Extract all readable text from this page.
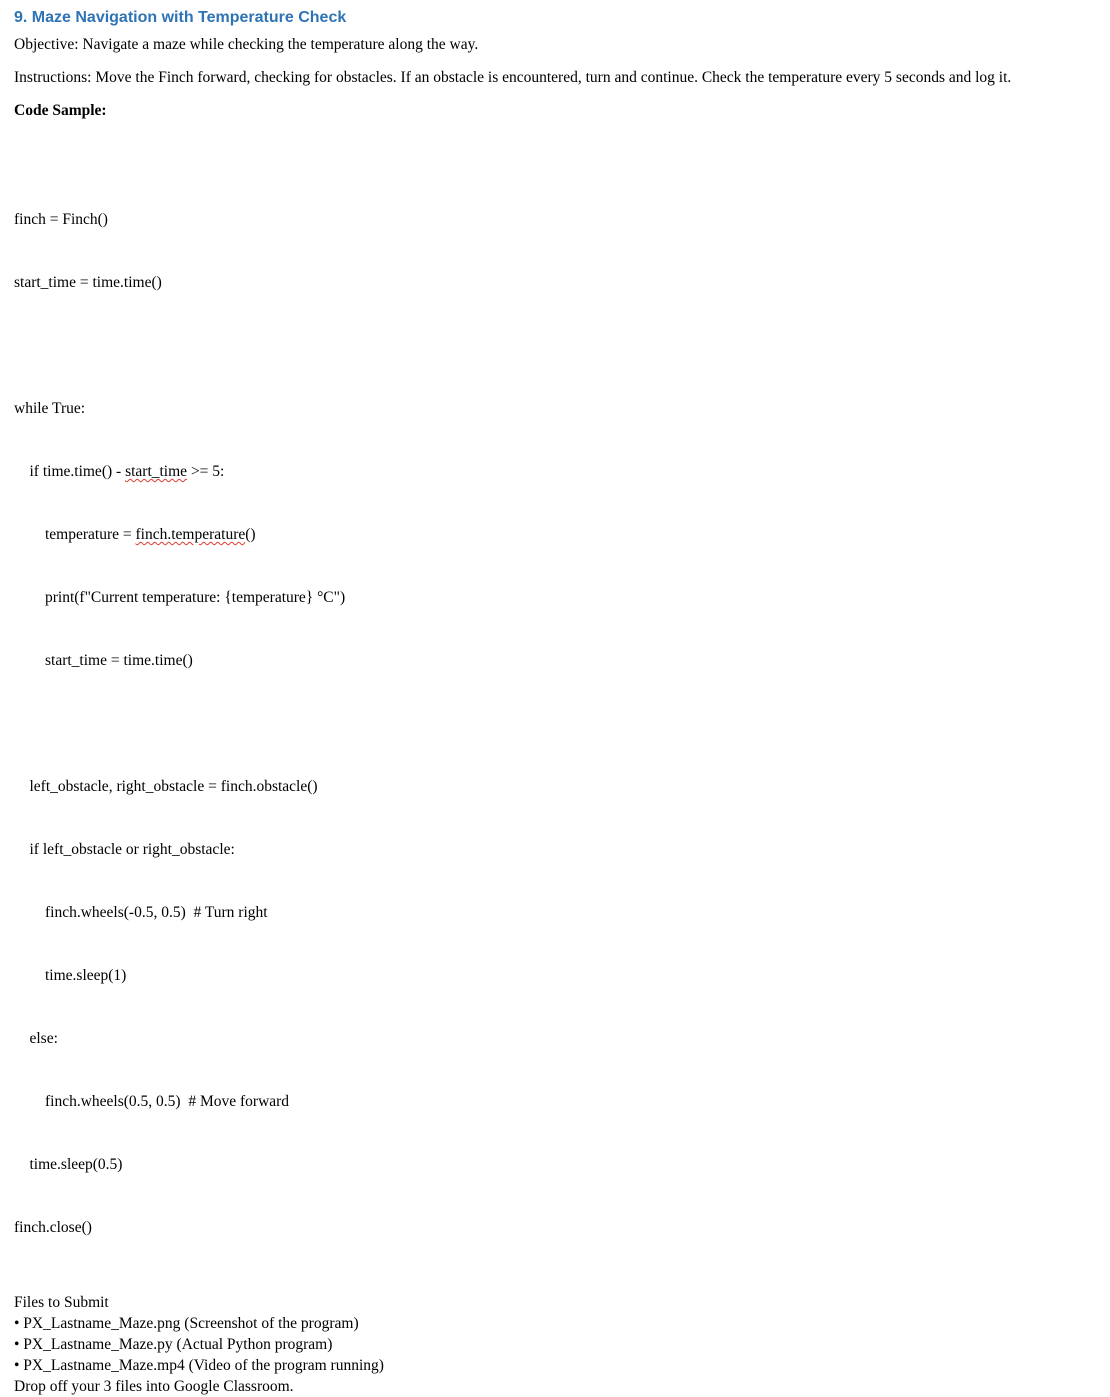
9. Maze Navigation with Temperature Check
Objective: Navigate a maze while checking the temperature along the way.
Instructions: Move the Finch forward, checking for obstacles. If an obstacle is encountered, turn and continue. Check the temperature every 5 seconds and log it.
Code Sample:

finch = Finch()

start_time = time.time()

while True:

if time.time() - start_time >= 5:

temperature = finch.temperature()

print(f"Current temperature: {temperature} °C")

start_time = time.time()

left_obstacle, right_obstacle = finch.obstacle()

if left_obstacle or right_obstacle:

finch.wheels(-0.5, 0.5)  # Turn right

time.sleep(1)

else:

finch.wheels(0.5, 0.5)  # Move forward

time.sleep(0.5)

finch.close()

Files to Submit
• PX_Lastname_Maze.png (Screenshot of the program)
• PX_Lastname_Maze.py (Actual Python program)
• PX_Lastname_Maze.mp4 (Video of the program running)
Drop off your 3 files into Google Classroom.
